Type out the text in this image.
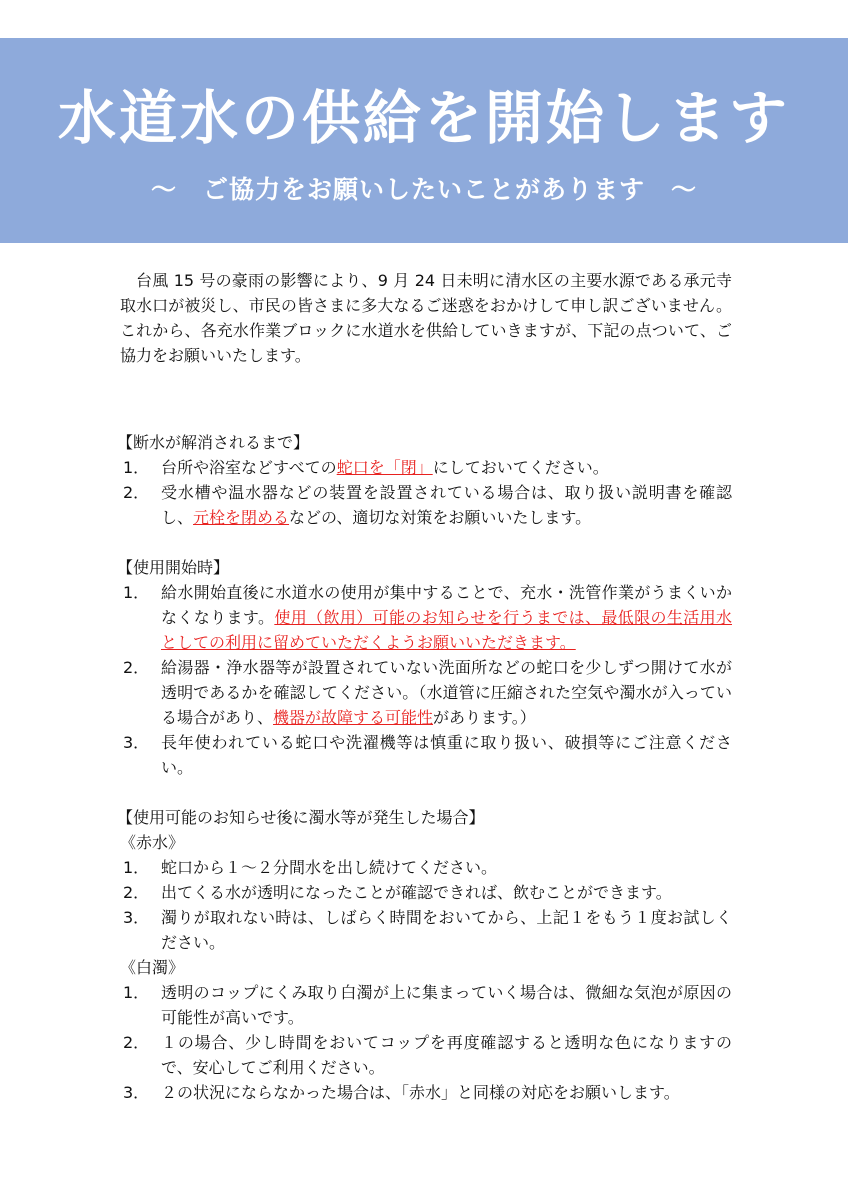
水道水の供給を開始します
～　ご協力をお願いしたいことがあります　～

台風 15 号の豪雨の影響により、9 月 24 日未明に清水区の主要水源である承元寺取水口が被災し、市民の皆さまに多大なるご迷惑をおかけして申し訳ございません。これから、各充水作業ブロックに水道水を供給していきますが、下記の点ついて、ご協力をお願いいたします。

【断水が解消されるまで】

1． 台所や浴室などすべての蛇口を「閉」にしておいてください。
2． 受水槽や温水器などの装置を設置されている場合は、取り扱い説明書を確認し、元栓を閉めるなどの、適切な対策をお願いいたします。

【使用開始時】

1． 給水開始直後に水道水の使用が集中することで、充水・洗管作業がうまくいかなくなります。使用（飲用）可能のお知らせを行うまでは、最低限の生活用水としての利用に留めていただくようお願いいただきます。
2． 給湯器・浄水器等が設置されていない洗面所などの蛇口を少しずつ開けて水が透明であるかを確認してください。（水道管に圧縮された空気や濁水が入っている場合があり、機器が故障する可能性があります。）
3． 長年使われている蛇口や洗濯機等は慎重に取り扱い、破損等にご注意ください。

【使用可能のお知らせ後に濁水等が発生した場合】

《赤水》

1． 蛇口から１～２分間水を出し続けてください。
2． 出てくる水が透明になったことが確認できれば、飲むことができます。
3． 濁りが取れない時は、しばらく時間をおいてから、上記１をもう１度お試しください。

《白濁》

1． 透明のコップにくみ取り白濁が上に集まっていく場合は、微細な気泡が原因の可能性が高いです。
2． １の場合、少し時間をおいてコップを再度確認すると透明な色になりますので、安心してご利用ください。
3． ２の状況にならなかった場合は、「赤水」と同様の対応をお願いします。
